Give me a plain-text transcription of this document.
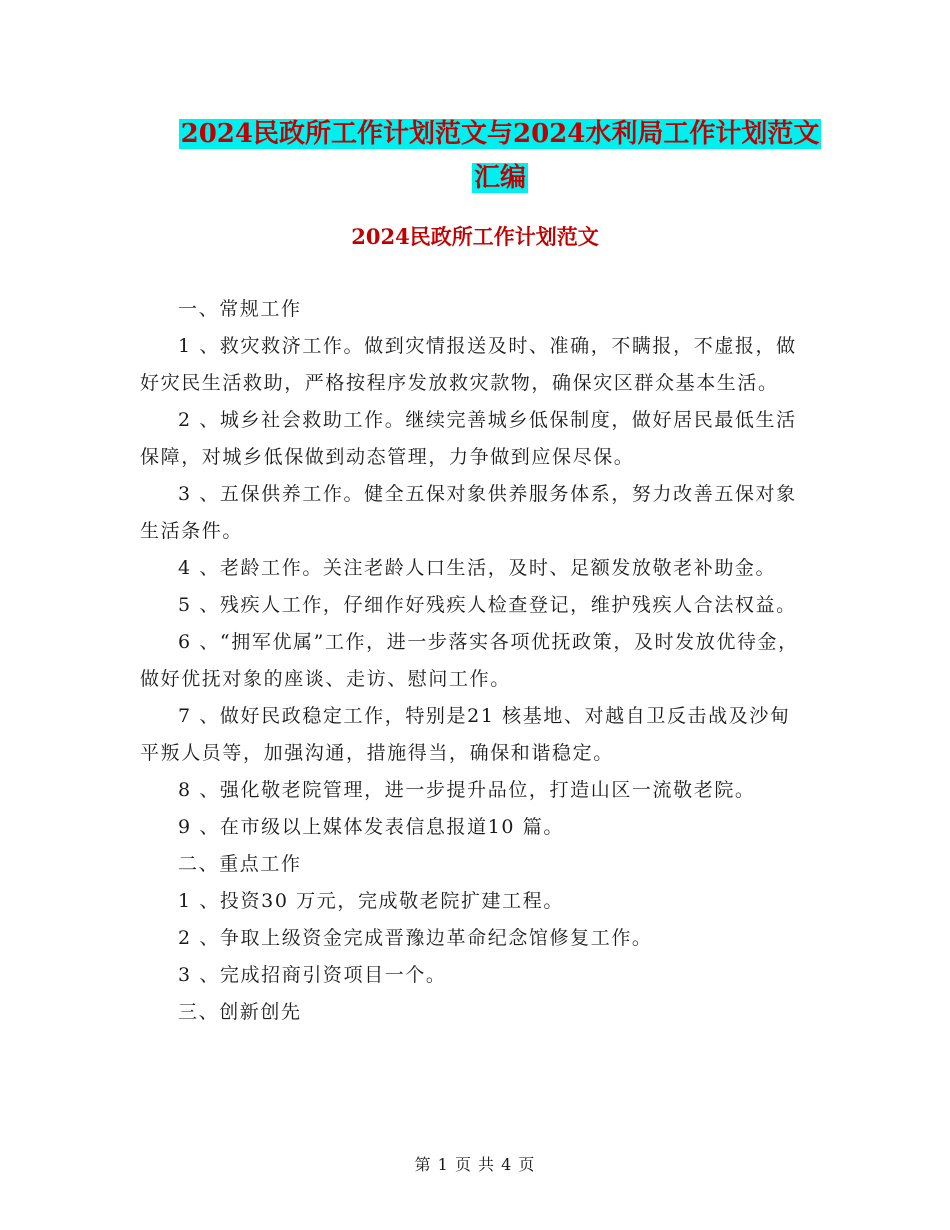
2024民政所工作计划范文与2024水利局工作计划范文
汇编
2024民政所工作计划范文

一、常规工作

1 、救灾救济工作。做到灾情报送及时、准确，不瞒报，不虚报，做好灾民生活救助，严格按程序发放救灾款物，确保灾区群众基本生活。

2 、城乡社会救助工作。继续完善城乡低保制度，做好居民最低生活保障，对城乡低保做到动态管理，力争做到应保尽保。

3 、五保供养工作。健全五保对象供养服务体系，努力改善五保对象生活条件。

4 、老龄工作。关注老龄人口生活，及时、足额发放敬老补助金。

5 、残疾人工作，仔细作好残疾人检查登记，维护残疾人合法权益。

6 、“拥军优属”工作，进一步落实各项优抚政策，及时发放优待金，做好优抚对象的座谈、走访、慰问工作。

7 、做好民政稳定工作，特别是21 核基地、对越自卫反击战及沙甸平叛人员等，加强沟通，措施得当，确保和谐稳定。

8 、强化敬老院管理，进一步提升品位，打造山区一流敬老院。

9 、在市级以上媒体发表信息报道10 篇。

二、重点工作

1 、投资30 万元，完成敬老院扩建工程。

2 、争取上级资金完成晋豫边革命纪念馆修复工作。

3 、完成招商引资项目一个。

三、创新创先

第 1 页 共 4 页
